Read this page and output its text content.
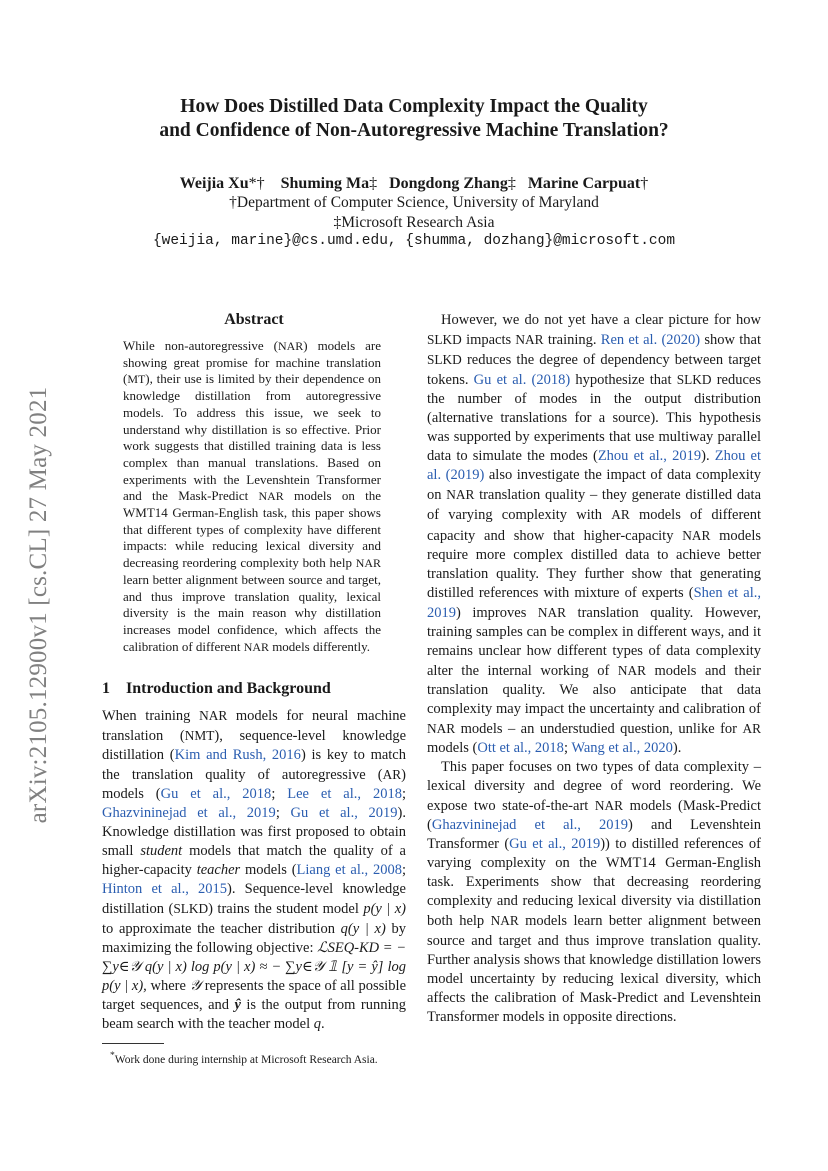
arXiv:2105.12900v1 [cs.CL] 27 May 2021
How Does Distilled Data Complexity Impact the Quality
and Confidence of Non-Autoregressive Machine Translation?
Weijia Xu*† Shuming Ma‡ Dongdong Zhang‡ Marine Carpuat†
†Department of Computer Science, University of Maryland
‡Microsoft Research Asia
{weijia, marine}@cs.umd.edu, {shumma, dozhang}@microsoft.com
Abstract
While non-autoregressive (NAR) models are showing great promise for machine translation (MT), their use is limited by their dependence on knowledge distillation from autoregressive models. To address this issue, we seek to understand why distillation is so effective. Prior work suggests that distilled training data is less complex than manual translations. Based on experiments with the Levenshtein Transformer and the Mask-Predict NAR models on the WMT14 German-English task, this paper shows that different types of complexity have different impacts: while reducing lexical diversity and decreasing reordering complexity both help NAR learn better alignment between source and target, and thus improve translation quality, lexical diversity is the main reason why distillation increases model confidence, which affects the calibration of different NAR models differently.
1 Introduction and Background
When training NAR models for neural machine translation (NMT), sequence-level knowledge distillation (Kim and Rush, 2016) is key to match the translation quality of autoregressive (AR) models (Gu et al., 2018; Lee et al., 2018; Ghazvininejad et al., 2019; Gu et al., 2019). Knowledge distillation was first proposed to obtain small student models that match the quality of a higher-capacity teacher models (Liang et al., 2008; Hinton et al., 2015). Sequence-level knowledge distillation (SLKD) trains the student model p(y | x) to approximate the teacher distribution q(y | x) by maximizing the following objective: ℒSEQ-KD = − ∑y∈𝒴 q(y | x) log p(y | x) ≈ − ∑y∈𝒴 𝟙 [y = ŷ] log p(y | x), where 𝒴 represents the space of all possible target sequences, and ŷ is the output from running beam search with the teacher model q.
*Work done during internship at Microsoft Research Asia.

However, we do not yet have a clear picture for how SLKD impacts NAR training. Ren et al. (2020) show that SLKD reduces the degree of dependency between target tokens. Gu et al. (2018) hypothesize that SLKD reduces the number of modes in the output distribution (alternative translations for a source). This hypothesis was supported by experiments that use multiway parallel data to simulate the modes (Zhou et al., 2019). Zhou et al. (2019) also investigate the impact of data complexity on NAR translation quality – they generate distilled data of varying complexity with AR models of different capacity and show that higher-capacity NAR models require more complex distilled data to achieve better translation quality. They further show that generating distilled references with mixture of experts (Shen et al., 2019) improves NAR translation quality. However, training samples can be complex in different ways, and it remains unclear how different types of data complexity alter the internal working of NAR models and their translation quality. We also anticipate that data complexity may impact the uncertainty and calibration of NAR models – an understudied question, unlike for AR models (Ott et al., 2018; Wang et al., 2020).

This paper focuses on two types of data complexity – lexical diversity and degree of word reordering. We expose two state-of-the-art NAR models (Mask-Predict (Ghazvininejad et al., 2019) and Levenshtein Transformer (Gu et al., 2019)) to distilled references of varying complexity on the WMT14 German-English task. Experiments show that decreasing reordering complexity and reducing lexical diversity via distillation both help NAR models learn better alignment between source and target and thus improve translation quality. Further analysis shows that knowledge distillation lowers model uncertainty by reducing lexical diversity, which affects the calibration of Mask-Predict and Levenshtein Transformer models in opposite directions.
